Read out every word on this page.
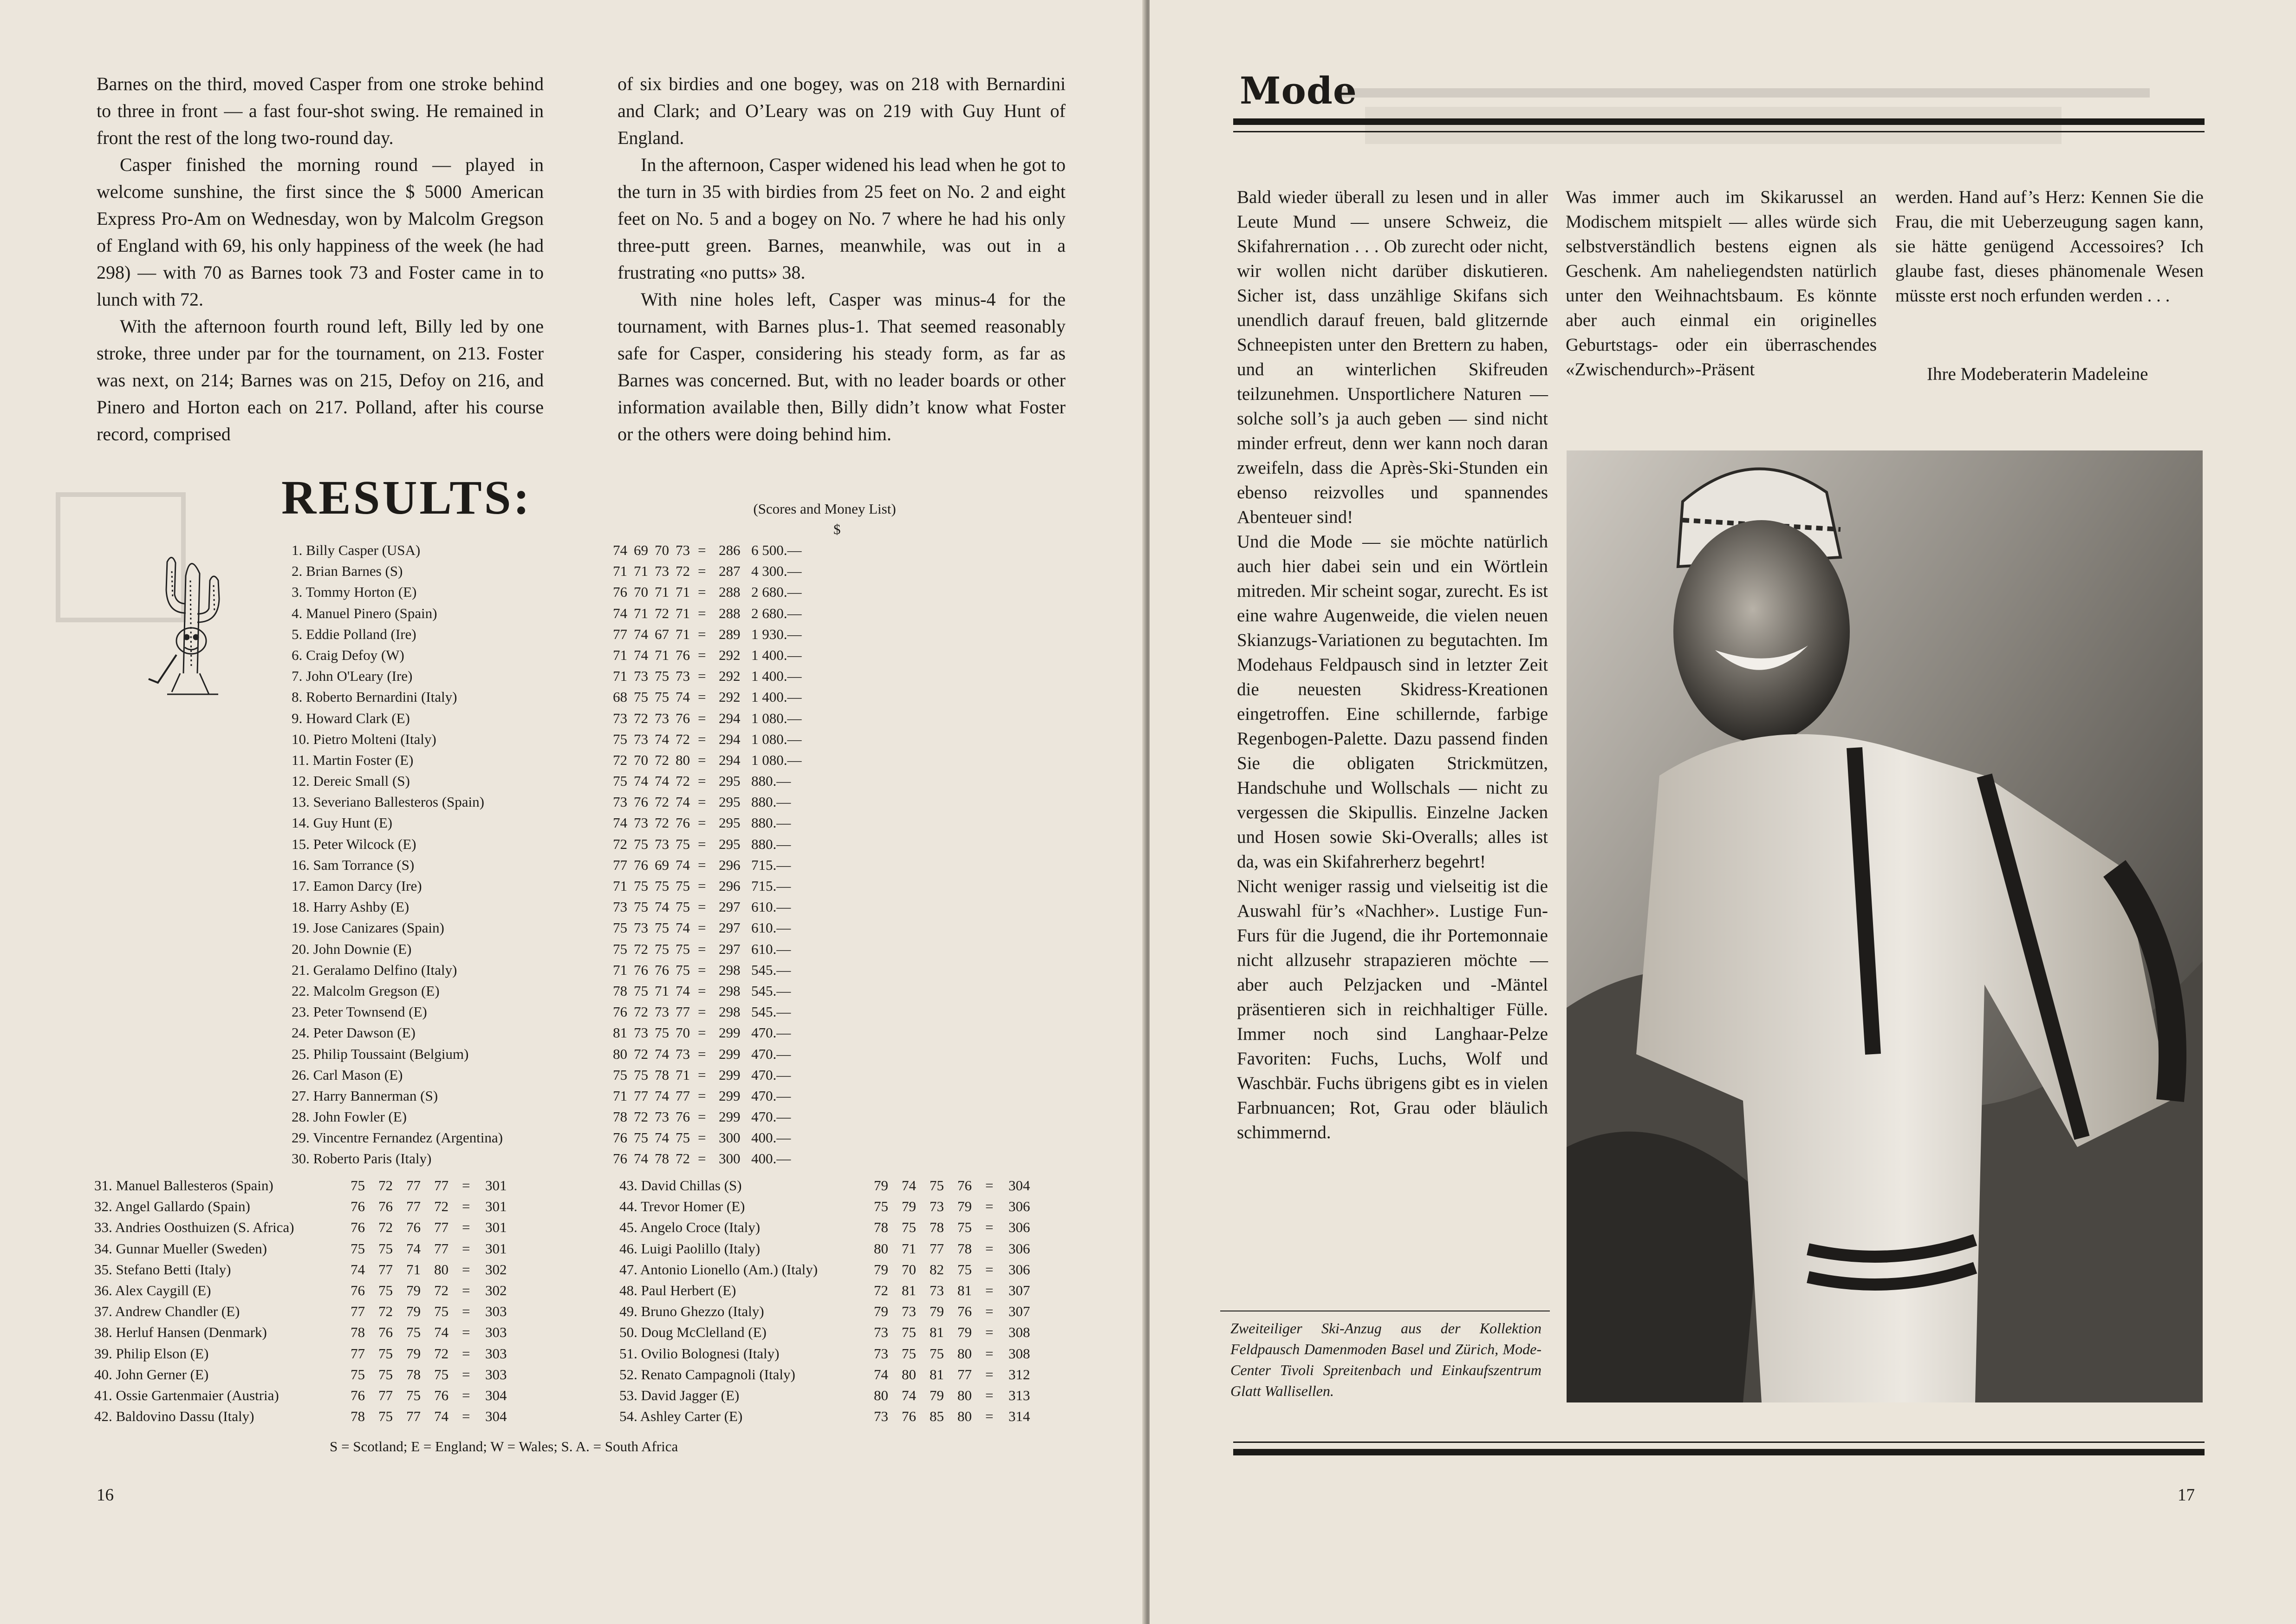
Barnes on the third, moved Casper from one stroke behind to three in front — a fast four-shot swing. He remained in front the rest of the long two-round day.

Casper finished the morning round — played in welcome sunshine, the first since the $ 5000 American Express Pro-Am on Wednesday, won by Malcolm Gregson of England with 69, his only happiness of the week (he had 298) — with 70 as Barnes took 73 and Foster came in to lunch with 72.

With the afternoon fourth round left, Billy led by one stroke, three under par for the tournament, on 213. Foster was next, on 214; Barnes was on 215, Defoy on 216, and Pinero and Horton each on 217. Polland, after his course record, comprised

of six birdies and one bogey, was on 218 with Bernardini and Clark; and O’Leary was on 219 with Guy Hunt of England.

In the afternoon, Casper widened his lead when he got to the turn in 35 with birdies from 25 feet on No. 2 and eight feet on No. 5 and a bogey on No. 7 where he had his only three-putt green. Barnes, meanwhile, was out in a frustrating «no putts» 38.

With nine holes left, Casper was minus-4 for the tournament, with Barnes plus-1. That seemed reasonably safe for Casper, considering his steady form, as far as Barnes was concerned. But, with no leader boards or other information available then, Billy didn’t know what Foster or the others were doing behind him.

RESULTS:	(Scores and Money List)
$
1. Billy Casper (USA)	74 69 70 73 = 286 6 500.—
2. Brian Barnes (S)	71 71 73 72 = 287 4 300.—
3. Tommy Horton (E)	76 70 71 71 = 288 2 680.—
4. Manuel Pinero (Spain)	74 71 72 71 = 288 2 680.—
5. Eddie Polland (Ire)	77 74 67 71 = 289 1 930.—
6. Craig Defoy (W)	71 74 71 76 = 292 1 400.—
7. John O'Leary (Ire)	71 73 75 73 = 292 1 400.—
8. Roberto Bernardini (Italy)	68 75 75 74 = 292 1 400.—
9. Howard Clark (E)	73 72 73 76 = 294 1 080.—
10. Pietro Molteni (Italy)	75 73 74 72 = 294 1 080.—
11. Martin Foster (E)	72 70 72 80 = 294 1 080.—
12. Dereic Small (S)	75 74 74 72 = 295 880.—
13. Severiano Ballesteros (Spain)	73 76 72 74 = 295 880.—
14. Guy Hunt (E)	74 73 72 76 = 295 880.—
15. Peter Wilcock (E)	72 75 73 75 = 295 880.—
16. Sam Torrance (S)	77 76 69 74 = 296 715.—
17. Eamon Darcy (Ire)	71 75 75 75 = 296 715.—
18. Harry Ashby (E)	73 75 74 75 = 297 610.—
19. Jose Canizares (Spain)	75 73 75 74 = 297 610.—
20. John Downie (E)	75 72 75 75 = 297 610.—
21. Geralamo Delfino (Italy)	71 76 76 75 = 298 545.—
22. Malcolm Gregson (E)	78 75 71 74 = 298 545.—
23. Peter Townsend (E)	76 72 73 77 = 298 545.—
24. Peter Dawson (E)	81 73 75 70 = 299 470.—
25. Philip Toussaint (Belgium)	80 72 74 73 = 299 470.—
26. Carl Mason (E)	75 75 78 71 = 299 470.—
27. Harry Bannerman (S)	71 77 74 77 = 299 470.—
28. John Fowler (E)	78 72 73 76 = 299 470.—
29. Vincentre Fernandez (Argentina)	76 75 74 75 = 300 400.—
30. Roberto Paris (Italy)	76 74 78 72 = 300 400.—
31. Manuel Ballesteros (Spain)	75 72 77 77 = 301
32. Angel Gallardo (Spain)	76 76 77 72 = 301
33. Andries Oosthuizen (S. Africa)	76 72 76 77 = 301
34. Gunnar Mueller (Sweden)	75 75 74 77 = 301
35. Stefano Betti (Italy)	74 77 71 80 = 302
36. Alex Caygill (E)	76 75 79 72 = 302
37. Andrew Chandler (E)	77 72 79 75 = 303
38. Herluf Hansen (Denmark)	78 76 75 74 = 303
39. Philip Elson (E)	77 75 79 72 = 303
40. John Gerner (E)	75 75 78 75 = 303
41. Ossie Gartenmaier (Austria)	76 77 75 76 = 304
42. Baldovino Dassu (Italy)	78 75 77 74 = 304
43. David Chillas (S)	79 74 75 76 = 304
44. Trevor Homer (E)	75 79 73 79 = 306
45. Angelo Croce (Italy)	78 75 78 75 = 306
46. Luigi Paolillo (Italy)	80 71 77 78 = 306
47. Antonio Lionello (Am.) (Italy)	79 70 82 75 = 306
48. Paul Herbert (E)	72 81 73 81 = 307
49. Bruno Ghezzo (Italy)	79 73 79 76 = 307
50. Doug McClelland (E)	73 75 81 79 = 308
51. Ovilio Bolognesi (Italy)	73 75 75 80 = 308
52. Renato Campagnoli (Italy)	74 80 81 77 = 312
53. David Jagger (E)	80 74 79 80 = 313
54. Ashley Carter (E)	73 76 85 80 = 314
S = Scotland; E = England; W = Wales; S. A. = South Africa
16
Mode

Bald wieder überall zu lesen und in aller Leute Mund — unsere Schweiz, die Skifahrernation . . . Ob zurecht oder nicht, wir wollen nicht darüber diskutieren. Sicher ist, dass unzählige Skifans sich unendlich darauf freuen, bald glitzernde Schneepisten unter den Brettern zu haben, und an winterlichen Skifreuden teilzunehmen. Unsportlichere Naturen — solche soll’s ja auch geben — sind nicht minder erfreut, denn wer kann noch daran zweifeln, dass die Après-Ski-Stunden ein ebenso reizvolles und spannendes Abenteuer sind!

Und die Mode — sie möchte natürlich auch hier dabei sein und ein Wörtlein mitreden. Mir scheint sogar, zurecht. Es ist eine wahre Augenweide, die vielen neuen Skianzugs-Variationen zu begutachten. Im Modehaus Feldpausch sind in letzter Zeit die neuesten Skidress-Kreationen eingetroffen. Eine schillernde, farbige Regenbogen-Palette. Dazu passend finden Sie die obligaten Strickmützen, Handschuhe und Wollschals — nicht zu vergessen die Skipullis. Einzelne Jacken und Hosen sowie Ski-Overalls; alles ist da, was ein Skifahrerherz begehrt!

Nicht weniger rassig und vielseitig ist die Auswahl für’s «Nachher». Lustige Fun-Furs für die Jugend, die ihr Portemonnaie nicht allzusehr strapazieren möchte — aber auch Pelzjacken und -Mäntel präsentieren sich in reichhaltiger Fülle. Immer noch sind Langhaar-Pelze Favoriten: Fuchs, Luchs, Wolf und Waschbär. Fuchs übrigens gibt es in vielen Farbnuancen; Rot, Grau oder bläulich schimmernd.

Was immer auch im Skikarussel an Modischem mitspielt — alles würde sich selbstverständlich bestens eignen als Geschenk. Am naheliegendsten natürlich unter den Weihnachtsbaum. Es könnte aber auch einmal ein originelles Geburtstags- oder ein überraschendes «Zwischendurch»-Präsent

werden. Hand auf’s Herz: Kennen Sie die Frau, die mit Ueberzeugung sagen kann, sie hätte genügend Accessoires? Ich glaube fast, dieses phänomenale Wesen müsste erst noch erfunden werden . . .

Ihre Modeberaterin Madeleine
Zweiteiliger Ski-Anzug aus der Kollektion Feldpausch Damenmoden Basel und Zürich, Mode-Center Tivoli Spreitenbach und Einkaufszentrum Glatt Wallisellen.
17
